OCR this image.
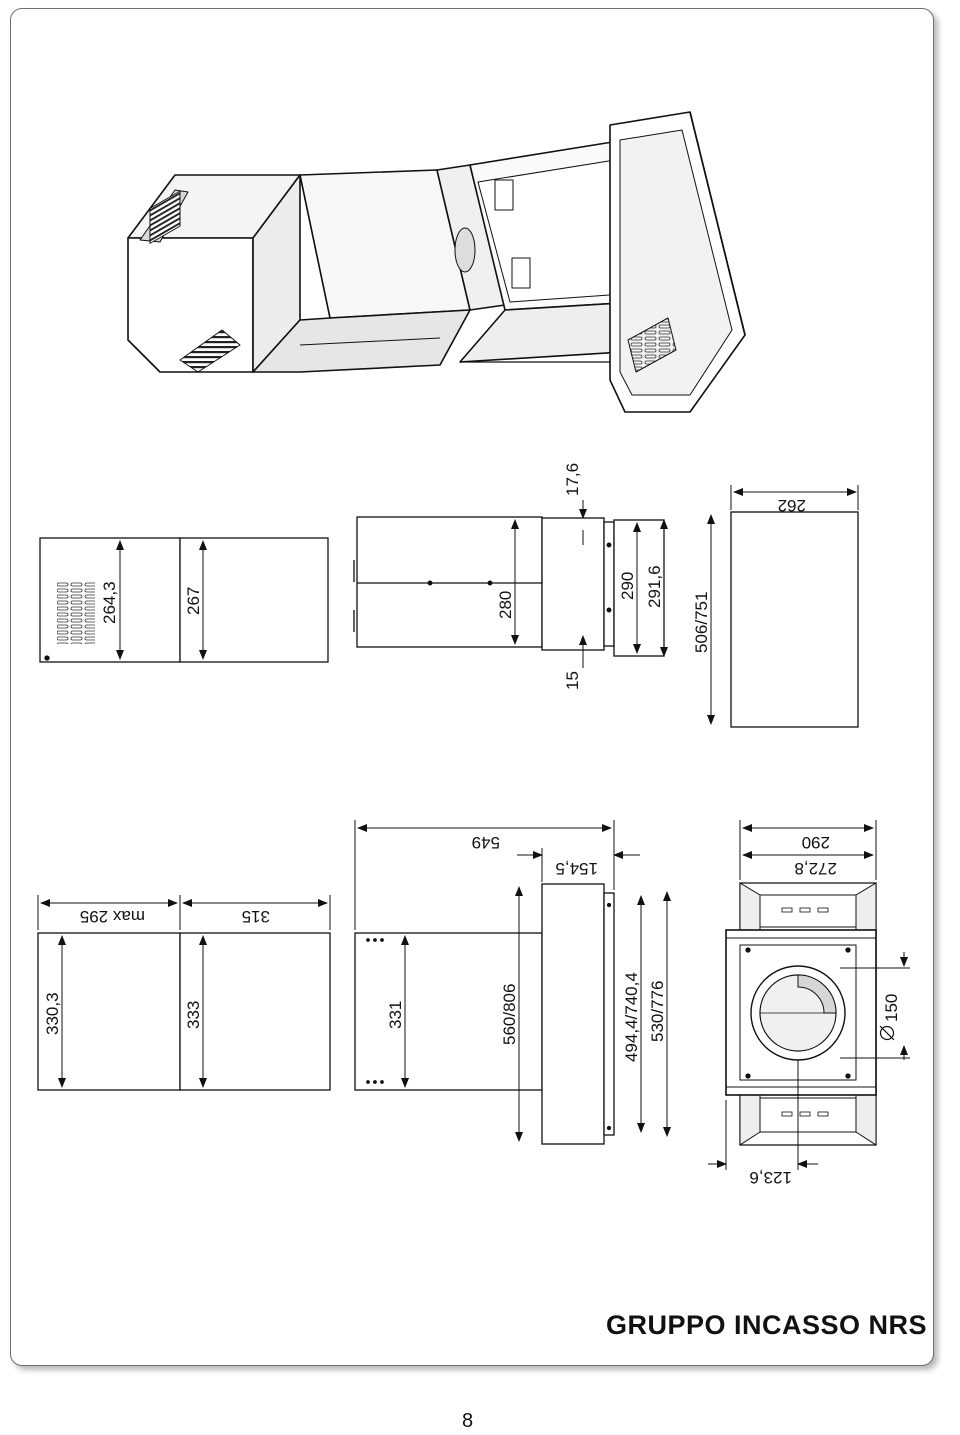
264,3	267	280
17,6
15
290 291,6
506/751
262
max 295	315
330,3	333	331
549
154,5
560/806	494,4/740,4 530/776
290
272,8
123,6
150
GRUPPO INCASSO NRS
8
